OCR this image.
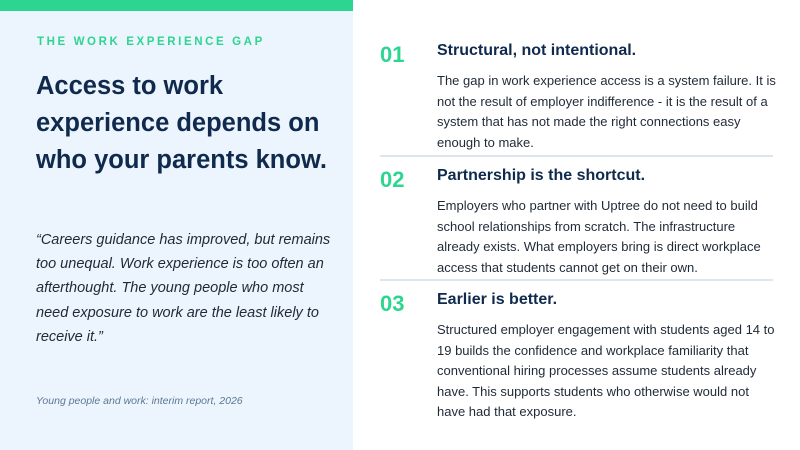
THE WORK EXPERIENCE GAP
Access to work experience depends on who your parents know.
“Careers guidance has improved, but remains too unequal. Work experience is too often an afterthought. The young people who most need exposure to work are the least likely to receive it.”
Young people and work: interim report, 2026
01 Structural, not intentional.
The gap in work experience access is a system failure. It is not the result of employer indifference - it is the result of a system that has not made the right connections easy enough to make.
02 Partnership is the shortcut.
Employers who partner with Uptree do not need to build school relationships from scratch. The infrastructure already exists. What employers bring is direct workplace access that students cannot get on their own.
03 Earlier is better.
Structured employer engagement with students aged 14 to 19 builds the confidence and workplace familiarity that conventional hiring processes assume students already have. This supports students who otherwise would not have had that exposure.
